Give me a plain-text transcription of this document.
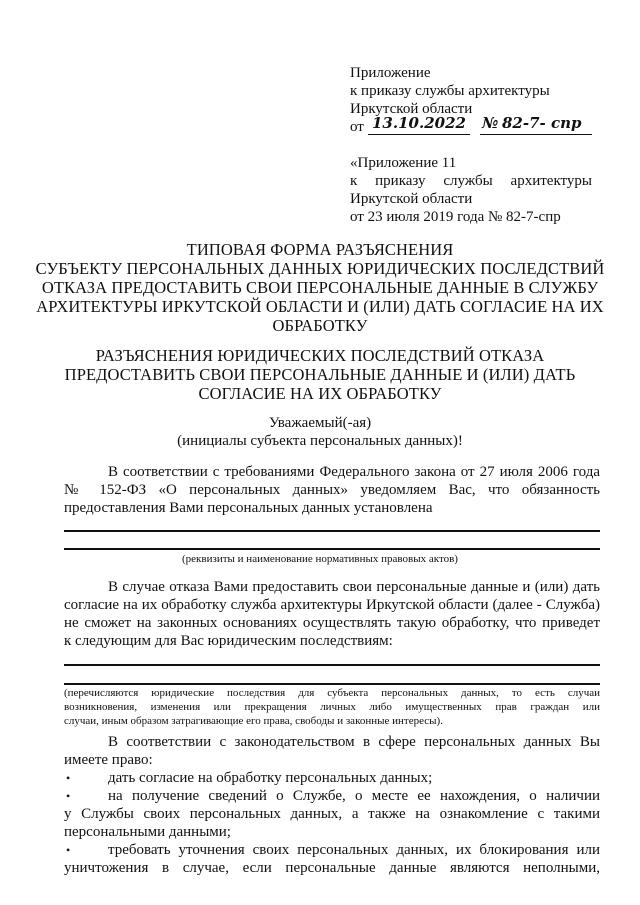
Приложение
к приказу службы архитектуры
Иркутской области
от 13.10.2022 № 82-7- спр
«Приложение 11
к приказу службы архитектуры
Иркутской области
от 23 июля 2019 года № 82-7-спр
ТИПОВАЯ ФОРМА РАЗЪЯСНЕНИЯ
СУБЪЕКТУ ПЕРСОНАЛЬНЫХ ДАННЫХ ЮРИДИЧЕСКИХ ПОСЛЕДСТВИЙ
ОТКАЗА ПРЕДОСТАВИТЬ СВОИ ПЕРСОНАЛЬНЫЕ ДАННЫЕ В СЛУЖБУ
АРХИТЕКТУРЫ ИРКУТСКОЙ ОБЛАСТИ И (ИЛИ) ДАТЬ СОГЛАСИЕ НА ИХ
ОБРАБОТКУ
РАЗЪЯСНЕНИЯ ЮРИДИЧЕСКИХ ПОСЛЕДСТВИЙ ОТКАЗА
ПРЕДОСТАВИТЬ СВОИ ПЕРСОНАЛЬНЫЕ ДАННЫЕ И (ИЛИ) ДАТЬ
СОГЛАСИЕ НА ИХ ОБРАБОТКУ
Уважаемый(-ая)
(инициалы субъекта персональных данных)!
В соответствии с требованиями Федерального закона от 27 июля 2006 года
№ 152-ФЗ «О персональных данных» уведомляем Вас, что обязанность
предоставления Вами персональных данных установлена
(реквизиты и наименование нормативных правовых актов)
В случае отказа Вами предоставить свои персональные данные и (или) дать
согласие на их обработку служба архитектуры Иркутской области (далее - Служба)
не сможет на законных основаниях осуществлять такую обработку, что приведет
к следующим для Вас юридическим последствиям:
(перечисляются юридические последствия для субъекта персональных данных, то есть случаи
возникновения, изменения или прекращения личных либо имущественных прав граждан или
случаи, иным образом затрагивающие его права, свободы и законные интересы).
В соответствии с законодательством в сфере персональных данных Вы
имеете право:
•	дать согласие на обработку персональных данных;
•	на получение сведений о Службе, о месте ее нахождения, о наличии
у Службы своих персональных данных, а также на ознакомление с такими
персональными данными;
•	требовать уточнения своих персональных данных, их блокирования или
уничтожения в случае, если персональные данные являются неполными,
